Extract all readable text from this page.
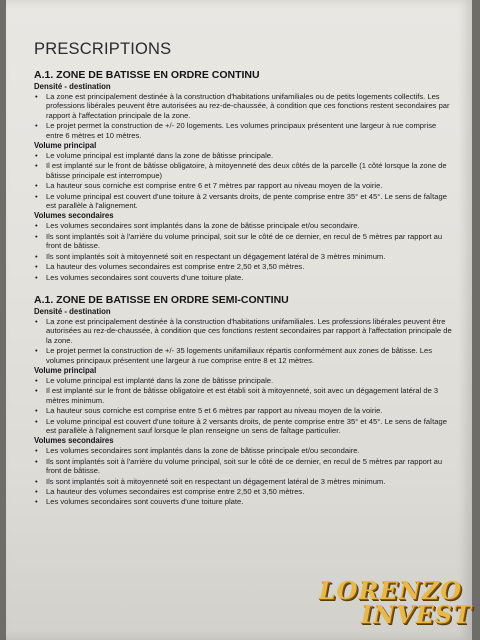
PRESCRIPTIONS
A.1. ZONE DE BATISSE EN ORDRE CONTINU
Densité - destination
• La zone est principalement destinée à la construction d'habitations unifamiliales ou de petits logements collectifs. Les professions libérales peuvent être autorisées au rez-de-chaussée, à condition que ces fonctions restent secondaires par rapport à l'affectation principale de la zone.
• Le projet permet la construction de +/- 20 logements. Les volumes principaux présentent une largeur à rue comprise entre 6 mètres et 10 mètres.
Volume principal
• Le volume principal est implanté dans la zone de bâtisse principale.
• Il est implanté sur le front de bâtisse obligatoire, à mitoyenneté des deux côtés de la parcelle (1 côté lorsque la zone de bâtisse principale est interrompue)
• La hauteur sous corniche est comprise entre 6 et 7 mètres par rapport au niveau moyen de la voirie.
• Le volume principal est couvert d'une toiture à 2 versants droits, de pente comprise entre 35° et 45°. Le sens de faîtage est parallèle à l'alignement.
Volumes secondaires
• Les volumes secondaires sont implantés dans la zone de bâtisse principale et/ou secondaire.
• Ils sont implantés soit à l'arrière du volume principal, soit sur le côté de ce dernier, en recul de 5 mètres par rapport au front de bâtisse.
• Ils sont implantés soit à mitoyenneté soit en respectant un dégagement latéral de 3 mètres minimum.
• La hauteur des volumes secondaires est comprise entre 2,50 et 3,50 mètres.
• Les volumes secondaires sont couverts d'une toiture plate.
A.1. ZONE DE BATISSE EN ORDRE SEMI-CONTINU
Densité - destination
• La zone est principalement destinée à la construction d'habitations unifamiliales. Les professions libérales peuvent être autorisées au rez-de-chaussée, à condition que ces fonctions restent secondaires par rapport à l'affectation principale de la zone.
• Le projet permet la construction de +/- 35 logements unifamiliaux répartis conformément aux zones de bâtisse. Les volumes principaux présentent une largeur à rue comprise entre 8 et 12 mètres.
Volume principal
• Le volume principal est implanté dans la zone de bâtisse principale.
• Il est implanté sur le front de bâtisse obligatoire et est établi soit à mitoyenneté, soit avec un dégagement latéral de 3 mètres minimum.
• La hauteur sous corniche est comprise entre 5 et 6 mètres par rapport au niveau moyen de la voirie.
• Le volume principal est couvert d'une toiture à 2 versants droits, de pente comprise entre 35° et 45°. Le sens de faîtage est parallèle à l'alignement sauf lorsque le plan renseigne un sens de faîtage particulier.
Volumes secondaires
• Les volumes secondaires sont implantés dans la zone de bâtisse principale et/ou secondaire.
• Ils sont implantés soit à l'arrière du volume principal, soit sur le côté de ce dernier, en recul de 5 mètres par rapport au front de bâtisse.
• Ils sont implantés soit à mitoyenneté soit en respectant un dégagement latéral de 3 mètres minimum.
• La hauteur des volumes secondaires est comprise entre 2,50 et 3,50 mètres.
• Les volumes secondaires sont couverts d'une toiture plate.
LORENZO
INVEST
